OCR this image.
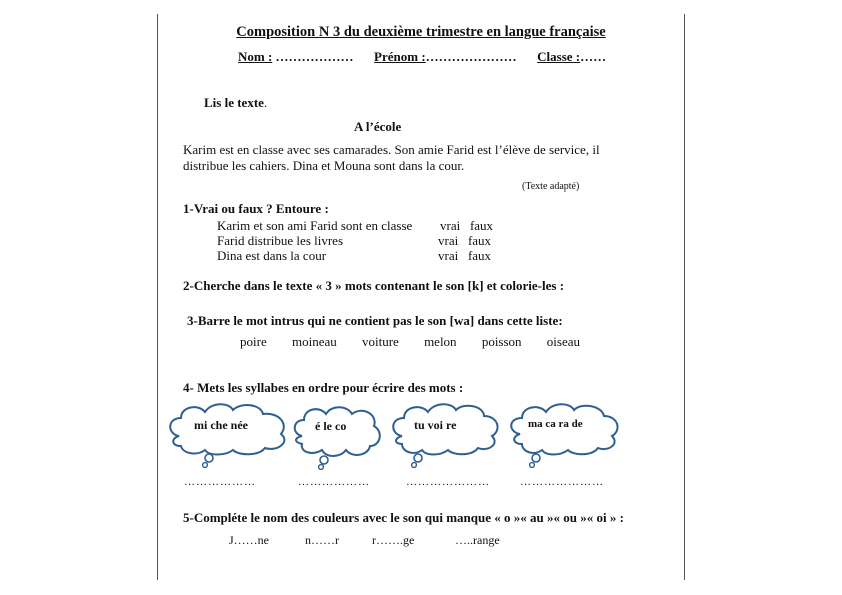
Composition N 3 du deuxième trimestre en langue française
Nom : ……………… Prénom :………………… Classe :……
Lis le texte.
A l’école
Karim est en classe avec ses camarades. Son amie Farid est l’élève de service, il
distribue les cahiers. Dina et Mouna sont dans la cour.
(Texte adapté)
1-Vrai ou faux ? Entoure :
Karim et son ami Farid sont en classe vrai   faux
Farid distribue les livres	vrai   faux
Dina est dans la cour	vrai   faux
2-Cherche dans le texte « 3 » mots contenant le son [k] et colorie-les :
3-Barre le mot intrus qui ne contient pas le son [wa] dans cette liste:
poire moineau voiture melon poisson oiseau
4- Mets les syllabes en ordre pour écrire des mots :
mi che née	é le co	tu voi re	ma ca ra de
………………	………………	…………………	…………………
5-Compléte le nom des couleurs avec le son qui manque « o »« au »« ou »« oi » :
J……ne	n……r	r…….ge	…..range
